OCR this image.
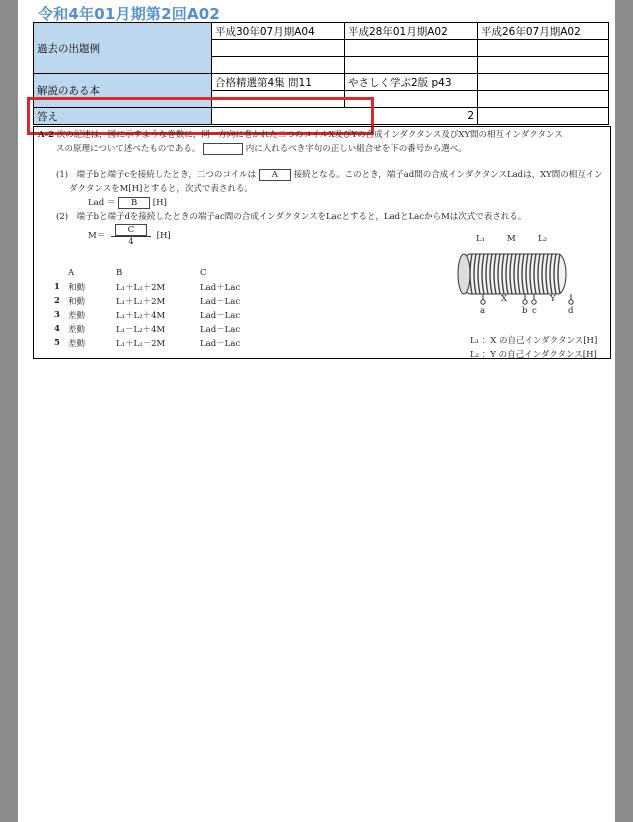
令和4年01月期第2回A02
過去の出題例	平成30年07月期A04	平成28年01月期A02	平成26年07月期A02

解説のある本	合格精選第4集 問11	やさしく学ぶ2版 p43	

答え	2		
A-2 次の記述は，図に示すような巻数に，同一方向に巻かれた二つのコイルX及びYの合成インダクタンス及びXY間の相互インダクタンス
スの原理について述べたものである。	内に入れるべき字句の正しい組合せを下の番号から選べ。
(1)　端子bと端子cを接続したとき，二つのコイルは A 接続となる。このとき，端子ad間の合成インダクタンスLadは，XY間の相互イン
ダクタンスをM[H]とすると，次式で表される。
Lad ＝ B [H]
(2)　端子bと端子dを接続したときの端子ac間の合成インダクタンスをLacとすると，LadとLacからMは次式で表される。
$M= \frac{C}{4} [H]$
	A	B	C
1	和動	L₁＋L₂＋2M	Lad＋Lac
2	和動	L₁＋L₂＋2M	Lad－Lac
3	差動	L₁＋L₂＋4M	Lad－Lac
4	差動	L₁－L₂＋4M	Lad－Lac
5	差動	L₁＋L₂－2M	Lad－Lac
L₁	M	L₂
a
X
b c
Y
d
L₁ ：X の自己インダクタンス[H]
L₂ ：Y の自己インダクタンス[H]
